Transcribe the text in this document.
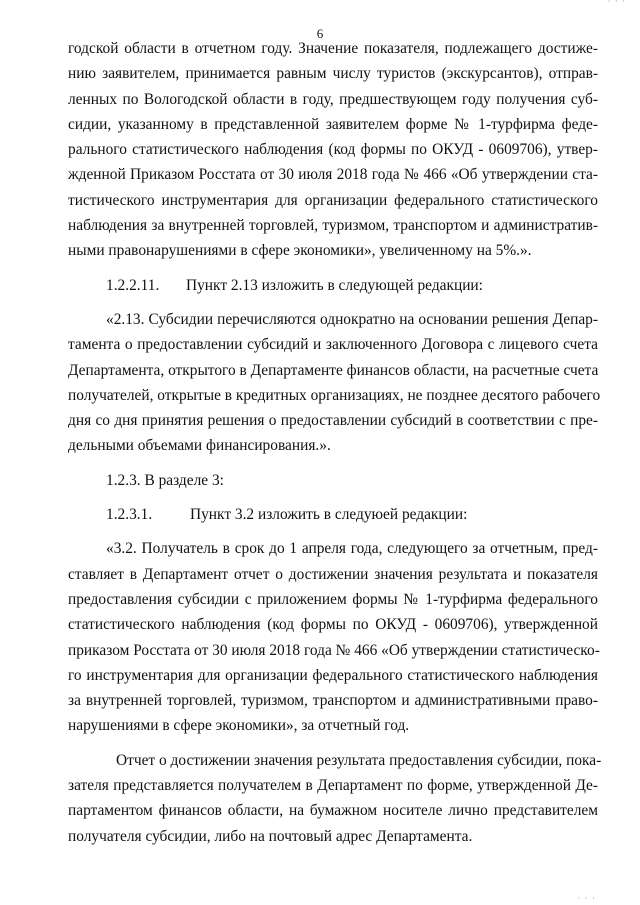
· · ·
6
годской области в отчетном году. Значение показателя, подлежащего достиже-
нию заявителем, принимается равным числу туристов (экскурсантов), отправ-
ленных по Вологодской области в году, предшествующем году получения суб-
сидии, указанному в представленной заявителем форме № 1-турфирма феде-
рального статистического наблюдения (код формы по ОКУД - 0609706), утвер-
жденной Приказом Росстата от 30 июля 2018 года № 466 «Об утверждении ста-
тистического инструментария для организации федерального статистического
наблюдения за внутренней торговлей, туризмом, транспортом и административ-
ными правонарушениями в сфере экономики», увеличенному на 5%.».
1.2.2.11. Пункт 2.13 изложить в следующей редакции:
«2.13. Субсидии перечисляются однократно на основании решения Депар-
тамента о предоставлении субсидий и заключенного Договора с лицевого счета
Департамента, открытого в Департаменте финансов области, на расчетные счета
получателей, открытые в кредитных организациях, не позднее десятого рабочего
дня со дня принятия решения о предоставлении субсидий в соответствии с пре-
дельными объемами финансирования.».
1.2.3. В разделе 3:
1.2.3.1. Пункт 3.2 изложить в следуюей редакции:
«3.2. Получатель в срок до 1 апреля года, следующего за отчетным, пред-
ставляет в Департамент отчет о достижении значения результата и показателя
предоставления субсидии с приложением формы № 1-турфирма федерального
статистического наблюдения (код формы по ОКУД - 0609706), утвержденной
приказом Росстата от 30 июля 2018 года № 466 «Об утверждении статистическо-
го инструментария для организации федерального статистического наблюдения
за внутренней торговлей, туризмом, транспортом и административными право-
нарушениями в сфере экономики», за отчетный год.
Отчет о достижении значения результата предоставления субсидии, пока-
зателя представляется получателем в Департамент по форме, утвержденной Де-
партаментом финансов области, на бумажном носителе лично представителем
получателя субсидии, либо на почтовый адрес Департамента.
· · ·
